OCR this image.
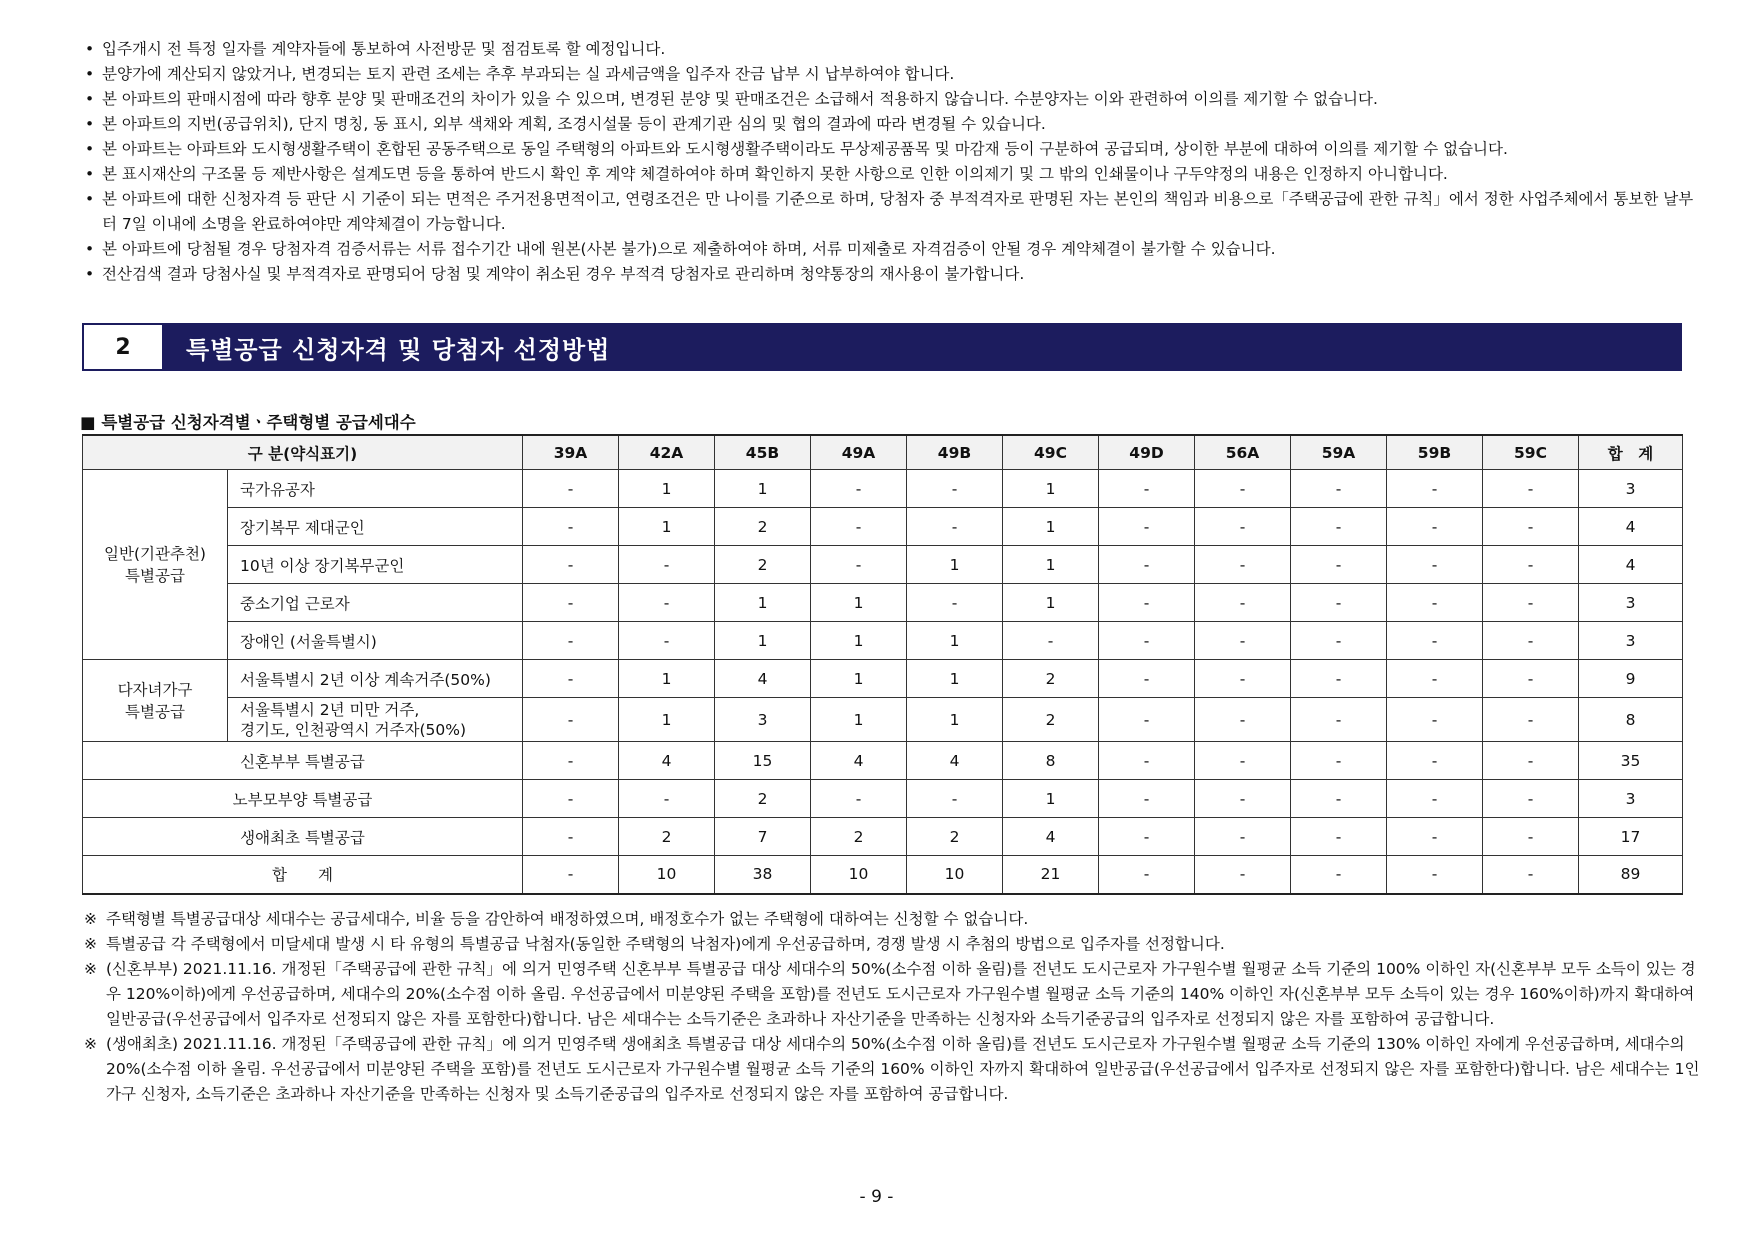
• 입주개시 전 특정 일자를 계약자들에 통보하여 사전방문 및 점검토록 할 예정입니다.
• 분양가에 계산되지 않았거나, 변경되는 토지 관련 조세는 추후 부과되는 실 과세금액을 입주자 잔금 납부 시 납부하여야 합니다.
• 본 아파트의 판매시점에 따라 향후 분양 및 판매조건의 차이가 있을 수 있으며, 변경된 분양 및 판매조건은 소급해서 적용하지 않습니다. 수분양자는 이와 관련하여 이의를 제기할 수 없습니다.
• 본 아파트의 지번(공급위치), 단지 명칭, 동 표시, 외부 색채와 계획, 조경시설물 등이 관계기관 심의 및 협의 결과에 따라 변경될 수 있습니다.
• 본 아파트는 아파트와 도시형생활주택이 혼합된 공동주택으로 동일 주택형의 아파트와 도시형생활주택이라도 무상제공품목 및 마감재 등이 구분하여 공급되며, 상이한 부분에 대하여 이의를 제기할 수 없습니다.
• 본 표시재산의 구조물 등 제반사항은 설계도면 등을 통하여 반드시 확인 후 계약 체결하여야 하며 확인하지 못한 사항으로 인한 이의제기 및 그 밖의 인쇄물이나 구두약정의 내용은 인정하지 아니합니다.
• 본 아파트에 대한 신청자격 등 판단 시 기준이 되는 면적은 주거전용면적이고, 연령조건은 만 나이를 기준으로 하며, 당첨자 중 부적격자로 판명된 자는 본인의 책임과 비용으로「주택공급에 관한 규칙」에서 정한 사업주체에서 통보한 날부터 7일 이내에 소명을 완료하여야만 계약체결이 가능합니다.
• 본 아파트에 당첨될 경우 당첨자격 검증서류는 서류 접수기간 내에 원본(사본 불가)으로 제출하여야 하며, 서류 미제출로 자격검증이 안될 경우 계약체결이 불가할 수 있습니다.
• 전산검색 결과 당첨사실 및 부적격자로 판명되어 당첨 및 계약이 취소된 경우 부적격 당첨자로 관리하며 청약통장의 재사용이 불가합니다.
2	특별공급 신청자격 및 당첨자 선정방법
■ 특별공급 신청자격별ㆍ주택형별 공급세대수
구 분(약식표기)		39A	42A	45B	49A	49B	49C	49D	56A	59A	59B	59C	합　계
일반(기관추천)
특별공급	국가유공자	-	1	1	-	-	1	-	-	-	-	-	3
	장기복무 제대군인	-	1	2	-	-	1	-	-	-	-	-	4
	10년 이상 장기복무군인	-	-	2	-	1	1	-	-	-	-	-	4
	중소기업 근로자	-	-	1	1	-	1	-	-	-	-	-	3
	장애인 (서울특별시)	-	-	1	1	1	-	-	-	-	-	-	3
다자녀가구
특별공급	서울특별시 2년 이상 계속거주(50%)	-	1	4	1	1	2	-	-	-	-	-	9
	서울특별시 2년 미만 거주,
경기도, 인천광역시 거주자(50%)	-	1	3	1	1	2	-	-	-	-	-	8
신혼부부 특별공급		-	4	15	4	4	8	-	-	-	-	-	35
노부모부양 특별공급		-	-	2	-	-	1	-	-	-	-	-	3
생애최초 특별공급		-	2	7	2	2	4	-	-	-	-	-	17
합　　계		-	10	38	10	10	21	-	-	-	-	-	89
※ 주택형별 특별공급대상 세대수는 공급세대수, 비율 등을 감안하여 배정하였으며, 배정호수가 없는 주택형에 대하여는 신청할 수 없습니다.
※ 특별공급 각 주택형에서 미달세대 발생 시 타 유형의 특별공급 낙첨자(동일한 주택형의 낙첨자)에게 우선공급하며, 경쟁 발생 시 추첨의 방법으로 입주자를 선정합니다.
※ (신혼부부) 2021.11.16. 개정된「주택공급에 관한 규칙」에 의거 민영주택 신혼부부 특별공급 대상 세대수의 50%(소수점 이하 올림)를 전년도 도시근로자 가구원수별 월평균 소득 기준의 100% 이하인 자(신혼부부 모두 소득이 있는 경우 120%이하)에게 우선공급하며, 세대수의 20%(소수점 이하 올림. 우선공급에서 미분양된 주택을 포함)를 전년도 도시근로자 가구원수별 월평균 소득 기준의 140% 이하인 자(신혼부부 모두 소득이 있는 경우 160%이하)까지 확대하여 일반공급(우선공급에서 입주자로 선정되지 않은 자를 포함한다)합니다. 남은 세대수는 소득기준은 초과하나 자산기준을 만족하는 신청자와 소득기준공급의 입주자로 선정되지 않은 자를 포함하여 공급합니다.
※ (생애최초) 2021.11.16. 개정된「주택공급에 관한 규칙」에 의거 민영주택 생애최초 특별공급 대상 세대수의 50%(소수점 이하 올림)를 전년도 도시근로자 가구원수별 월평균 소득 기준의 130% 이하인 자에게 우선공급하며, 세대수의 20%(소수점 이하 올림. 우선공급에서 미분양된 주택을 포함)를 전년도 도시근로자 가구원수별 월평균 소득 기준의 160% 이하인 자까지 확대하여 일반공급(우선공급에서 입주자로 선정되지 않은 자를 포함한다)합니다. 남은 세대수는 1인 가구 신청자, 소득기준은 초과하나 자산기준을 만족하는 신청자 및 소득기준공급의 입주자로 선정되지 않은 자를 포함하여 공급합니다.
- 9 -
